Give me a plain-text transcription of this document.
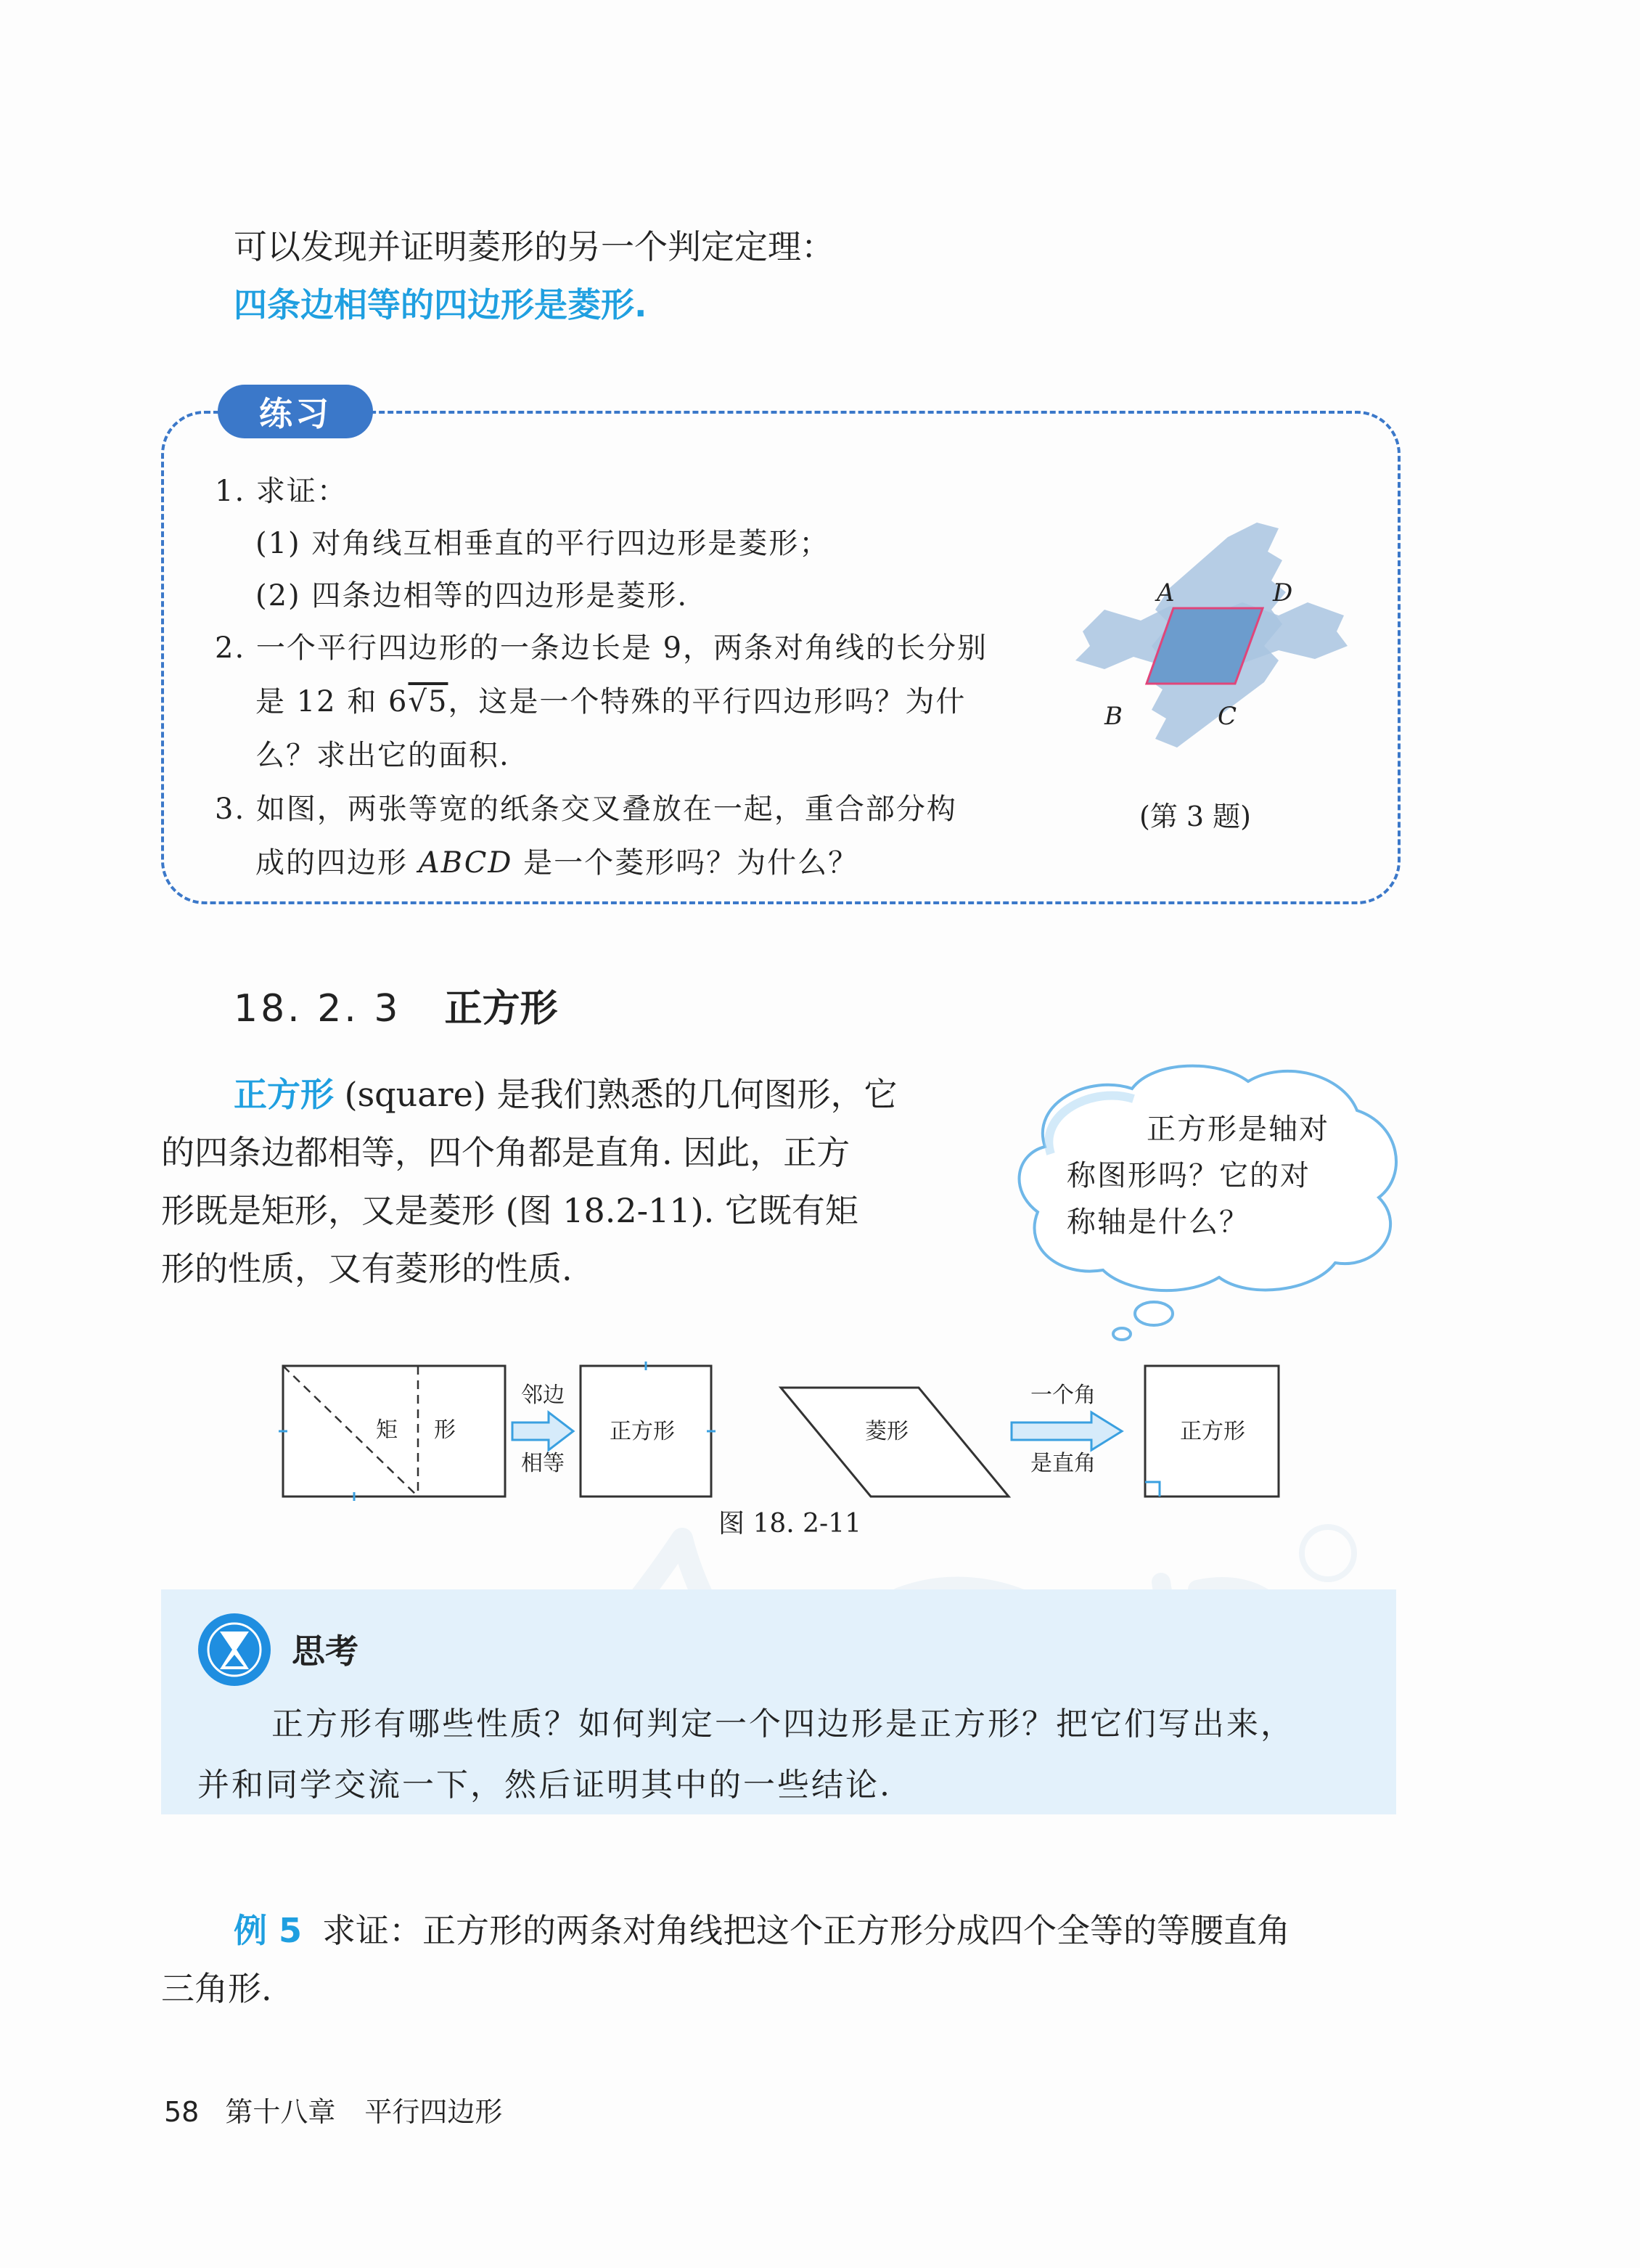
可以发现并证明菱形的另一个判定定理：
四条边相等的四边形是菱形.
练习
1. 求证：
(1) 对角线互相垂直的平行四边形是菱形；
(2) 四条边相等的四边形是菱形.
2. 一个平行四边形的一条边长是 9，两条对角线的长分别
是 12 和 6√5，这是一个特殊的平行四边形吗？为什
么？求出它的面积.
3. 如图，两张等宽的纸条交叉叠放在一起，重合部分构
成的四边形 ABCD 是一个菱形吗？为什么？
A	D
B	C
(第 3 题)
18. 2. 3 正方形
正方形 (square) 是我们熟悉的几何图形，它
的四条边都相等，四个角都是直角. 因此，正方
形既是矩形，又是菱形 (图 18.2-11). 它既有矩
形的性质，又有菱形的性质.
正方形是轴对
称图形吗？它的对
称轴是什么？
矩 形
邻边
相等
正方形	菱形
一个角
是直角
正方形
图 18. 2-11
思考
正方形有哪些性质？如何判定一个四边形是正方形？把它们写出来，
并和同学交流一下，然后证明其中的一些结论.
例 5 求证：正方形的两条对角线把这个正方形分成四个全等的等腰直角
三角形.
58 第十八章 平行四边形
